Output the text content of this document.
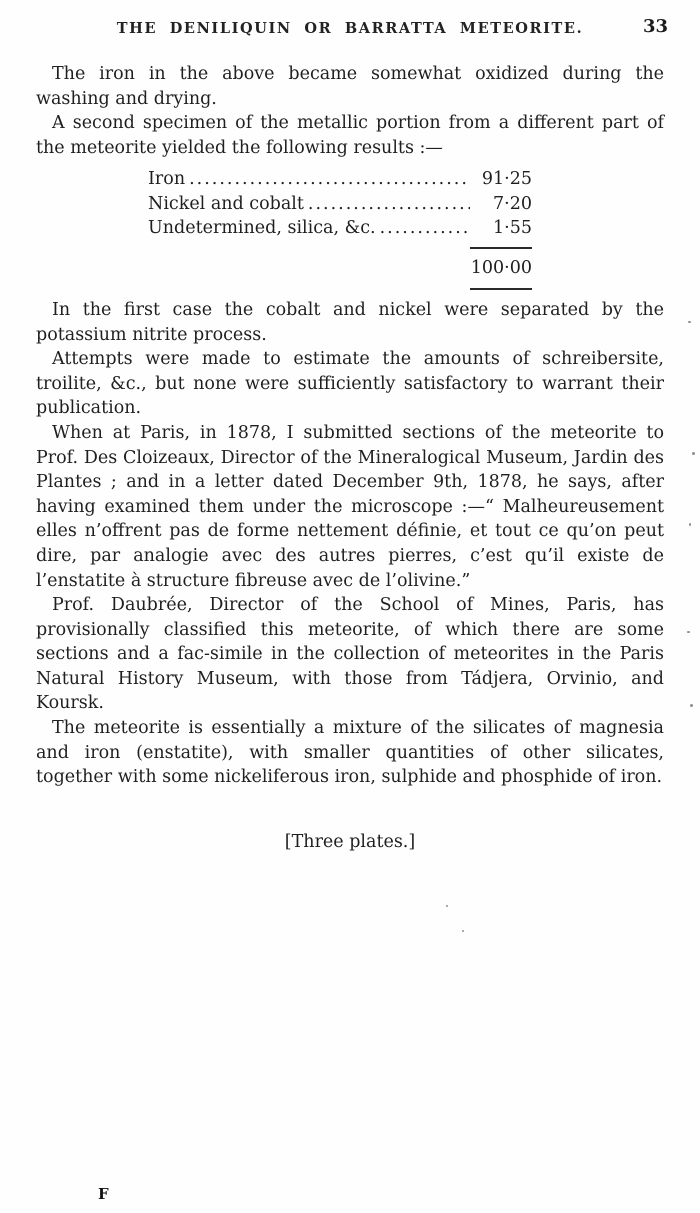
THE DENILIQUIN OR BARRATTA METEORITE.	33

The iron in the above became somewhat oxidized during the washing and drying.

A second specimen of the metallic portion from a different part of the meteorite yielded the following results :—

Iron .....	91·25
Nickel and cobalt .....	7·20
Undetermined, silica, &c. .....	1·55
100·00

In the first case the cobalt and nickel were separated by the potassium nitrite process.

Attempts were made to estimate the amounts of schreibersite, troilite, &c., but none were sufficiently satisfactory to warrant their publication.

When at Paris, in 1878, I submitted sections of the meteorite to Prof. Des Cloizeaux, Director of the Mineralogical Museum, Jardin des Plantes ; and in a letter dated December 9th, 1878, he says, after having examined them under the microscope :—“ Malheureusement elles n’offrent pas de forme nettement définie, et tout ce qu’on peut dire, par analogie avec des autres pierres, c’est qu’il existe de l’enstatite à structure fibreuse avec de l’olivine.”

Prof. Daubrée, Director of the School of Mines, Paris, has provisionally classified this meteorite, of which there are some sections and a fac-simile in the collection of meteorites in the Paris Natural History Museum, with those from Tádjera, Orvinio, and Koursk.

The meteorite is essentially a mixture of the silicates of magnesia and iron (enstatite), with smaller quantities of other silicates, together with some nickeliferous iron, sulphide and phosphide of iron.

[Three plates.]
F
